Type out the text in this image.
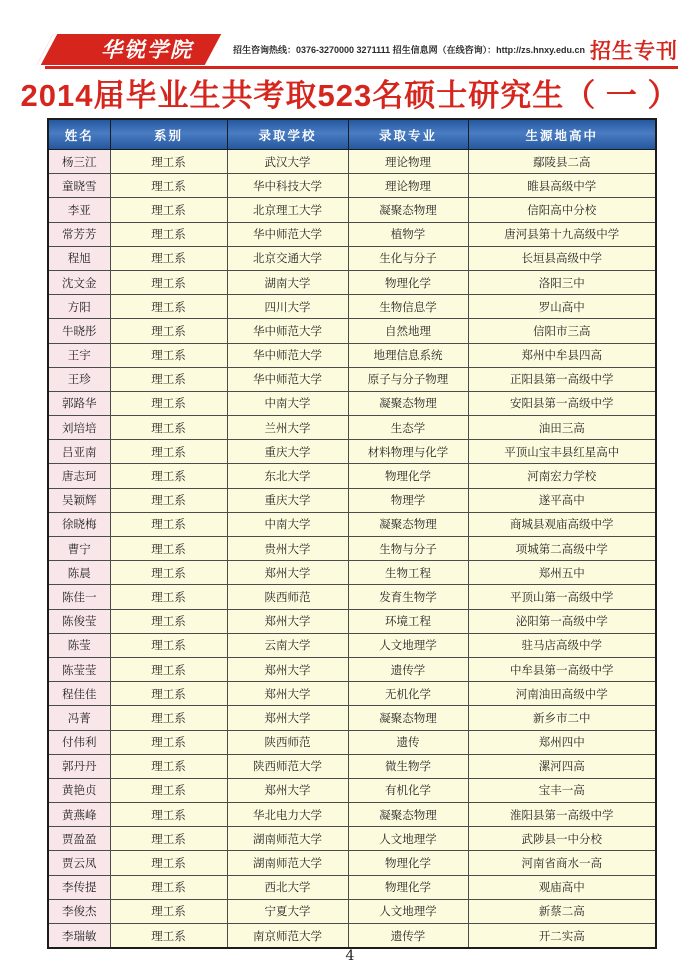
华锐学院	招生咨询热线：0376-3270000 3271111 招生信息网（在线咨询）：http://zs.hnxy.edu.cn 招生专刊
2014届毕业生共考取523名硕士研究生（ 一 ）
姓名	系别	录取学校	录取专业	生源地高中
杨三江	理工系	武汉大学	理论物理	鄢陵县二高
童晓雪	理工系	华中科技大学	理论物理	睢县高级中学
李亚	理工系	北京理工大学	凝聚态物理	信阳高中分校
常芳芳	理工系	华中师范大学	植物学	唐河县第十九高级中学
程旭	理工系	北京交通大学	生化与分子	长垣县高级中学
沈文金	理工系	湖南大学	物理化学	洛阳三中
方阳	理工系	四川大学	生物信息学	罗山高中
牛晓彤	理工系	华中师范大学	自然地理	信阳市三高
王宇	理工系	华中师范大学	地理信息系统	郑州中牟县四高
王珍	理工系	华中师范大学	原子与分子物理	正阳县第一高级中学
郭路华	理工系	中南大学	凝聚态物理	安阳县第一高级中学
刘培培	理工系	兰州大学	生态学	油田三高
吕亚南	理工系	重庆大学	材料物理与化学	平顶山宝丰县红星高中
唐志珂	理工系	东北大学	物理化学	河南宏力学校
吴颖辉	理工系	重庆大学	物理学	遂平高中
徐晓梅	理工系	中南大学	凝聚态物理	商城县观庙高级中学
曹宁	理工系	贵州大学	生物与分子	项城第二高级中学
陈晨	理工系	郑州大学	生物工程	郑州五中
陈佳一	理工系	陕西师范	发育生物学	平顶山第一高级中学
陈俊莹	理工系	郑州大学	环境工程	泌阳第一高级中学
陈莹	理工系	云南大学	人文地理学	驻马店高级中学
陈莹莹	理工系	郑州大学	遗传学	中牟县第一高级中学
程佳佳	理工系	郑州大学	无机化学	河南油田高级中学
冯菁	理工系	郑州大学	凝聚态物理	新乡市二中
付伟利	理工系	陕西师范	遗传	郑州四中
郭丹丹	理工系	陕西师范大学	微生物学	漯河四高
黄艳贞	理工系	郑州大学	有机化学	宝丰一高
黄燕峰	理工系	华北电力大学	凝聚态物理	淮阳县第一高级中学
贾盈盈	理工系	湖南师范大学	人文地理学	武陟县一中分校
贾云凤	理工系	湖南师范大学	物理化学	河南省商水一高
李传提	理工系	西北大学	物理化学	观庙高中
李俊杰	理工系	宁夏大学	人文地理学	新蔡二高
李瑞敏	理工系	南京师范大学	遗传学	开二实高
4
